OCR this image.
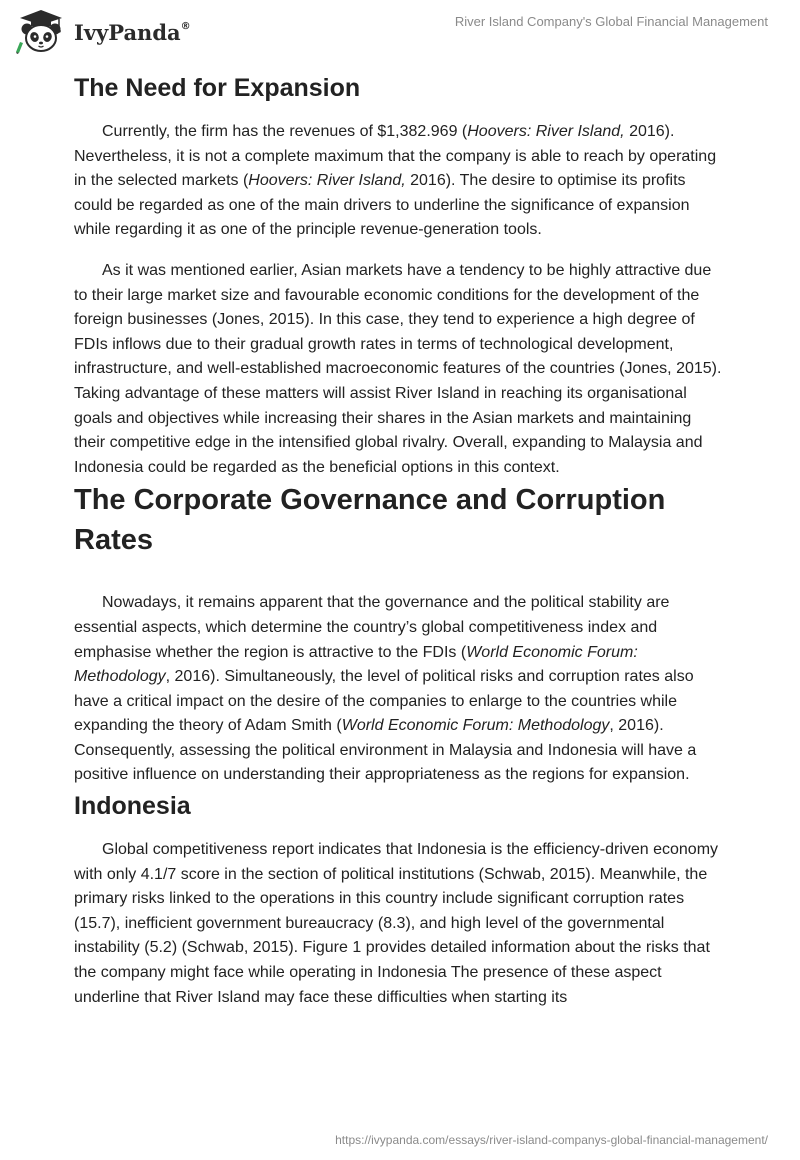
IvyPanda®	River Island Company's Global Financial Management
The Need for Expansion

Currently, the firm has the revenues of $1,382.969 (Hoovers: River Island, 2016). Nevertheless, it is not a complete maximum that the company is able to reach by operating in the selected markets (Hoovers: River Island, 2016). The desire to optimise its profits could be regarded as one of the main drivers to underline the significance of expansion while regarding it as one of the principle revenue-generation tools.

As it was mentioned earlier, Asian markets have a tendency to be highly attractive due to their large market size and favourable economic conditions for the development of the foreign businesses (Jones, 2015). In this case, they tend to experience a high degree of FDIs inflows due to their gradual growth rates in terms of technological development, infrastructure, and well-established macroeconomic features of the countries (Jones, 2015). Taking advantage of these matters will assist River Island in reaching its organisational goals and objectives while increasing their shares in the Asian markets and maintaining their competitive edge in the intensified global rivalry. Overall, expanding to Malaysia and Indonesia could be regarded as the beneficial options in this context.

The Corporate Governance and Corruption Rates

Nowadays, it remains apparent that the governance and the political stability are essential aspects, which determine the country’s global competitiveness index and emphasise whether the region is attractive to the FDIs (World Economic Forum: Methodology, 2016). Simultaneously, the level of political risks and corruption rates also have a critical impact on the desire of the companies to enlarge to the countries while expanding the theory of Adam Smith (World Economic Forum: Methodology, 2016). Consequently, assessing the political environment in Malaysia and Indonesia will have a positive influence on understanding their appropriateness as the regions for expansion.

Indonesia

Global competitiveness report indicates that Indonesia is the efficiency-driven economy with only 4.1/7 score in the section of political institutions (Schwab, 2015). Meanwhile, the primary risks linked to the operations in this country include significant corruption rates (15.7), inefficient government bureaucracy (8.3), and high level of the governmental instability (5.2) (Schwab, 2015). Figure 1 provides detailed information about the risks that the company might face while operating in Indonesia The presence of these aspect underline that River Island may face these difficulties when starting its

https://ivypanda.com/essays/river-island-companys-global-financial-management/
